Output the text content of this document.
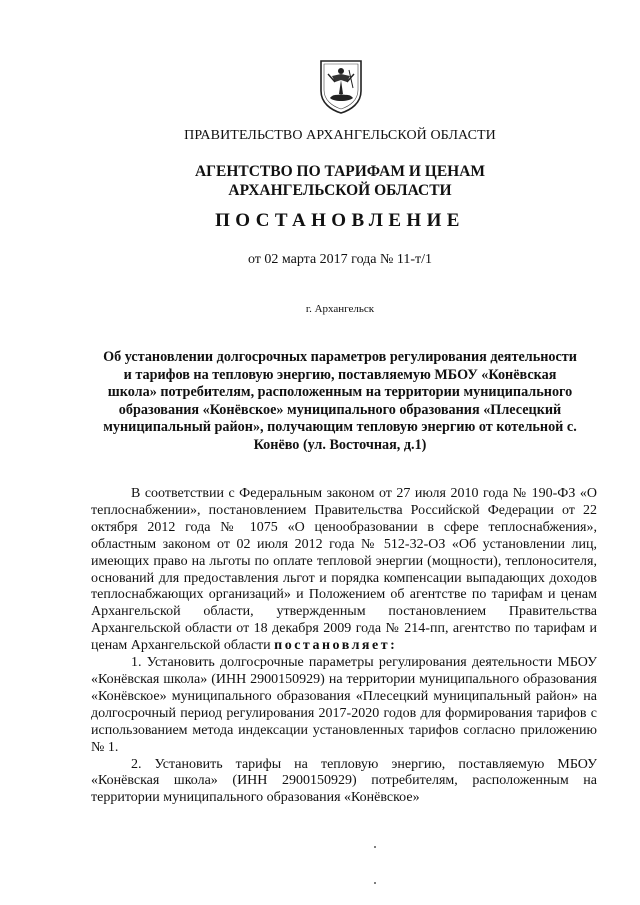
ПРАВИТЕЛЬСТВО АРХАНГЕЛЬСКОЙ ОБЛАСТИ
АГЕНТСТВО ПО ТАРИФАМ И ЦЕНАМ
АРХАНГЕЛЬСКОЙ ОБЛАСТИ
ПОСТАНОВЛЕНИЕ
от 02 марта 2017 года № 11-т/1
г. Архангельск
Об установлении долгосрочных параметров регулирования деятельности и тарифов на тепловую энергию, поставляемую МБОУ «Конёвская школа» потребителям, расположенным на территории муниципального образования «Конёвское» муниципального образования «Плесецкий муниципальный район», получающим тепловую энергию от котельной с. Конёво (ул. Восточная, д.1)

В соответствии с Федеральным законом от 27 июля 2010 года № 190-ФЗ «О теплоснабжении», постановлением Правительства Российской Федерации от 22 октября 2012 года № 1075 «О ценообразовании в сфере теплоснабжения», областным законом от 02 июля 2012 года № 512-32-ОЗ «Об установлении лиц, имеющих право на льготы по оплате тепловой энергии (мощности), теплоносителя, оснований для предоставления льгот и порядка компенсации выпадающих доходов теплоснабжающих организаций» и Положением об агентстве по тарифам и ценам Архангельской области, утвержденным постановлением Правительства Архангельской области от 18 декабря 2009 года № 214-пп, агентство по тарифам и ценам Архангельской области постановляет:

1. Установить долгосрочные параметры регулирования деятельности МБОУ «Конёвская школа» (ИНН 2900150929) на территории муниципального образования «Конёвское» муниципального образования «Плесецкий муниципальный район» на долгосрочный период регулирования 2017-2020 годов для формирования тарифов с использованием метода индексации установленных тарифов согласно приложению № 1.

2. Установить тарифы на тепловую энергию, поставляемую МБОУ «Конёвская школа» (ИНН 2900150929) потребителям, расположенным на территории муниципального образования «Конёвское»
